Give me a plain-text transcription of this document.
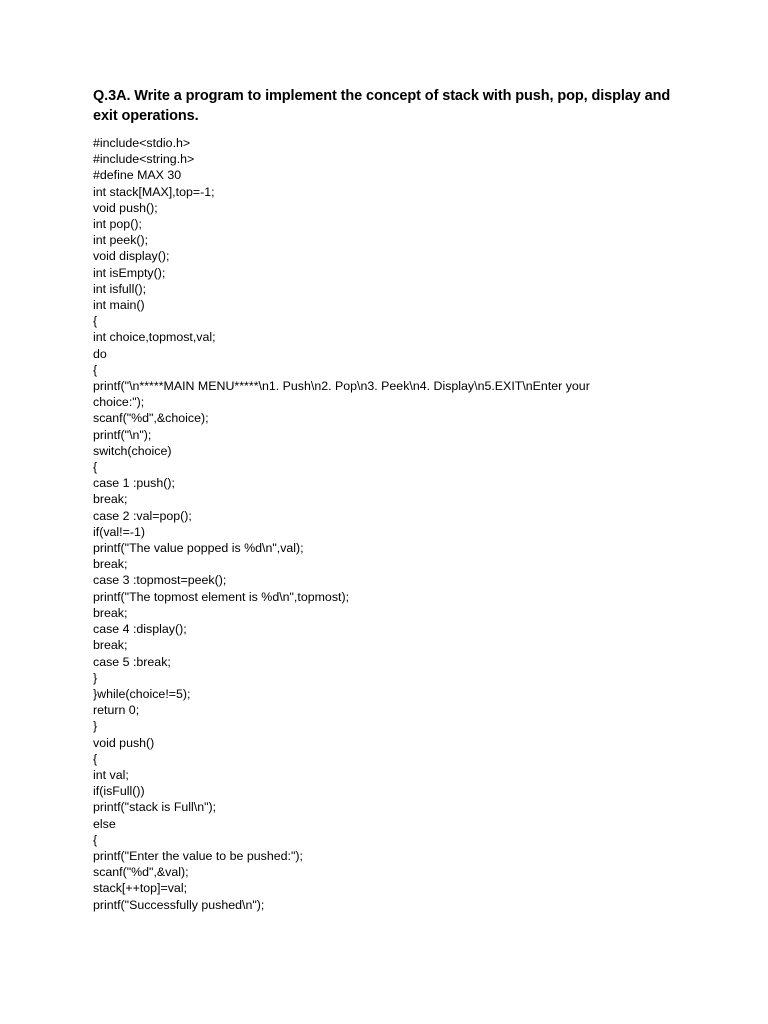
Q.3A. Write a program to implement the concept of stack with push, pop, display and exit operations.

#include<stdio.h>
#include<string.h>
#define MAX 30
int stack[MAX],top=-1;
void push();
int pop();
int peek();
void display();
int isEmpty();
int isfull();
int main()
{
int choice,topmost,val;
do
{
printf("\n*****MAIN MENU*****\n1. Push\n2. Pop\n3. Peek\n4. Display\n5.EXIT\nEnter your
choice:");
scanf("%d",&choice);
printf("\n");
switch(choice)
{
case 1 :push();
break;
case 2 :val=pop();
if(val!=-1)
printf("The value popped is %d\n",val);
break;
case 3 :topmost=peek();
printf("The topmost element is %d\n",topmost);
break;
case 4 :display();
break;
case 5 :break;
}
}while(choice!=5);
return 0;
}
void push()
{
int val;
if(isFull())
printf("stack is Full\n");
else
{
printf("Enter the value to be pushed:");
scanf("%d",&val);
stack[++top]=val;
printf("Successfully pushed\n");
